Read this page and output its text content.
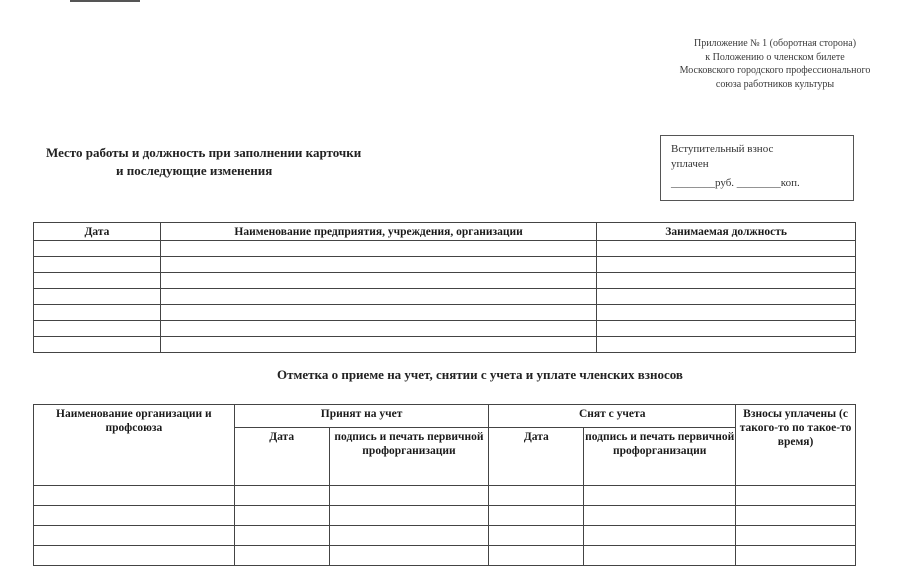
Приложение № 1 (оборотная сторона)
к Положению о членском билете
Московского городского профессионального
союза работников культуры
Место работы и должность при заполнении карточки
и последующие изменения
Вступительный взнос
уплачен
________руб. ________коп.
Дата	Наименование предприятия, учреждения, организации	Занимаемая должность

Отметка о приеме на учет, снятии с учета и уплате членских взносов
Наименование организации и профсоюза	Принят на учет		Снят с учета		Взносы уплачены (с такого-то по такое-то время)
	Дата	подпись и печать первичной профорганизации	Дата	подпись и печать первичной профорганизации	
